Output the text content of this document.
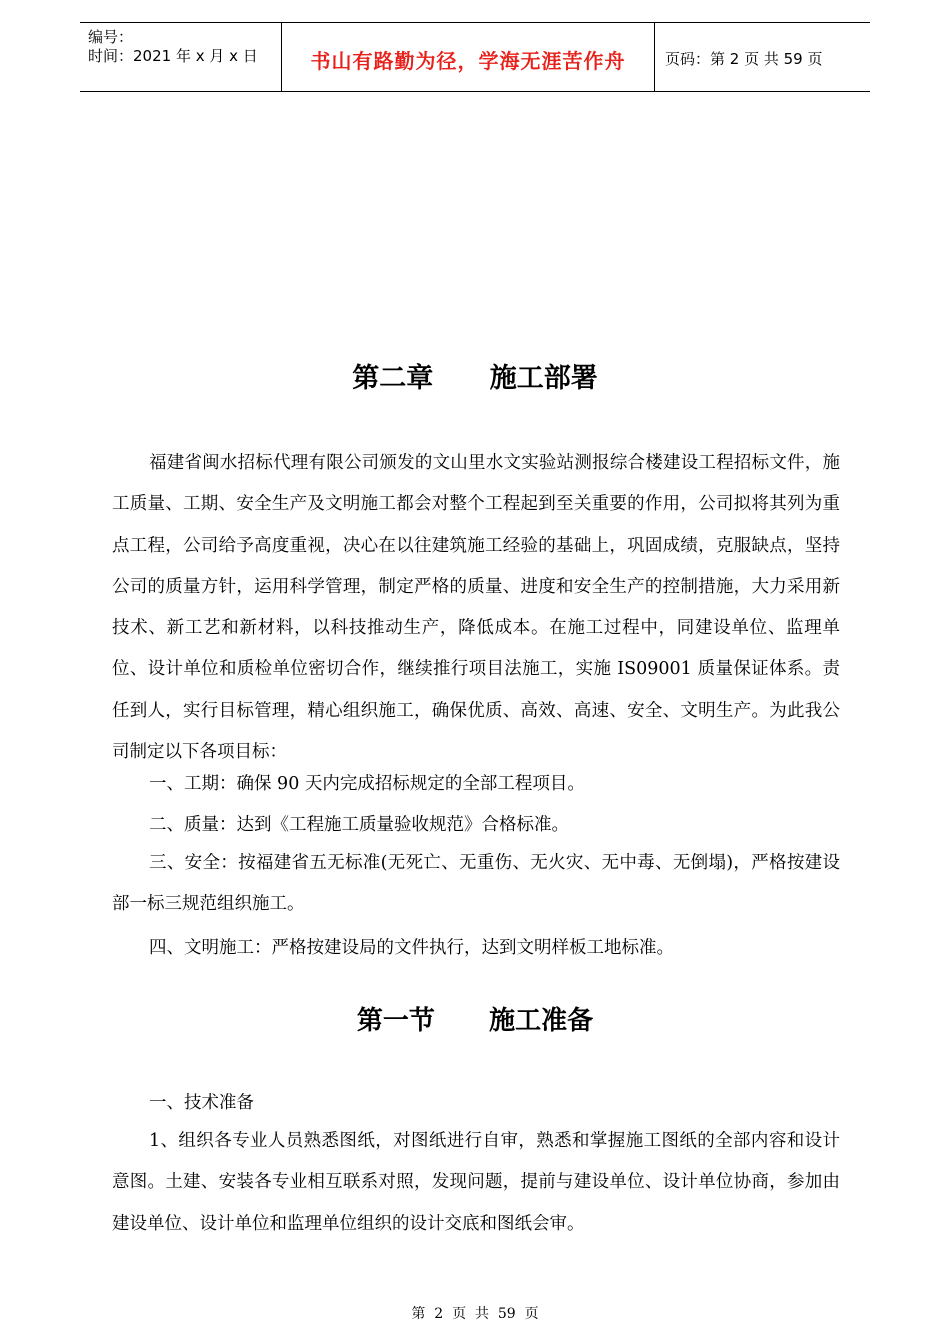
编号：
时间：2021 年 x 月 x 日	书山有路勤为径，学海无涯苦作舟	页码：第 2 页 共 59 页
第二章      施工部署

福建省闽水招标代理有限公司颁发的文山里水文实验站测报综合楼建设工程招标文件，施工质量、工期、安全生产及文明施工都会对整个工程起到至关重要的作用，公司拟将其列为重点工程，公司给予高度重视，决心在以往建筑施工经验的基础上，巩固成绩，克服缺点，坚持公司的质量方针，运用科学管理，制定严格的质量、进度和安全生产的控制措施，大力采用新技术、新工艺和新材料，以科技推动生产，降低成本。在施工过程中，同建设单位、监理单位、设计单位和质检单位密切合作，继续推行项目法施工，实施 IS09001 质量保证体系。责任到人，实行目标管理，精心组织施工，确保优质、高效、高速、安全、文明生产。为此我公司制定以下各项目标：

一、工期：确保 90 天内完成招标规定的全部工程项目。

二、质量：达到《工程施工质量验收规范》合格标准。

三、安全：按福建省五无标准(无死亡、无重伤、无火灾、无中毒、无倒塌)，严格按建设部一标三规范组织施工。

四、文明施工：严格按建设局的文件执行，达到文明样板工地标准。

第一节      施工准备

一、技术准备

1、组织各专业人员熟悉图纸，对图纸进行自审，熟悉和掌握施工图纸的全部内容和设计意图。土建、安装各专业相互联系对照，发现问题，提前与建设单位、设计单位协商，参加由建设单位、设计单位和监理单位组织的设计交底和图纸会审。

第  2  页  共  59  页
